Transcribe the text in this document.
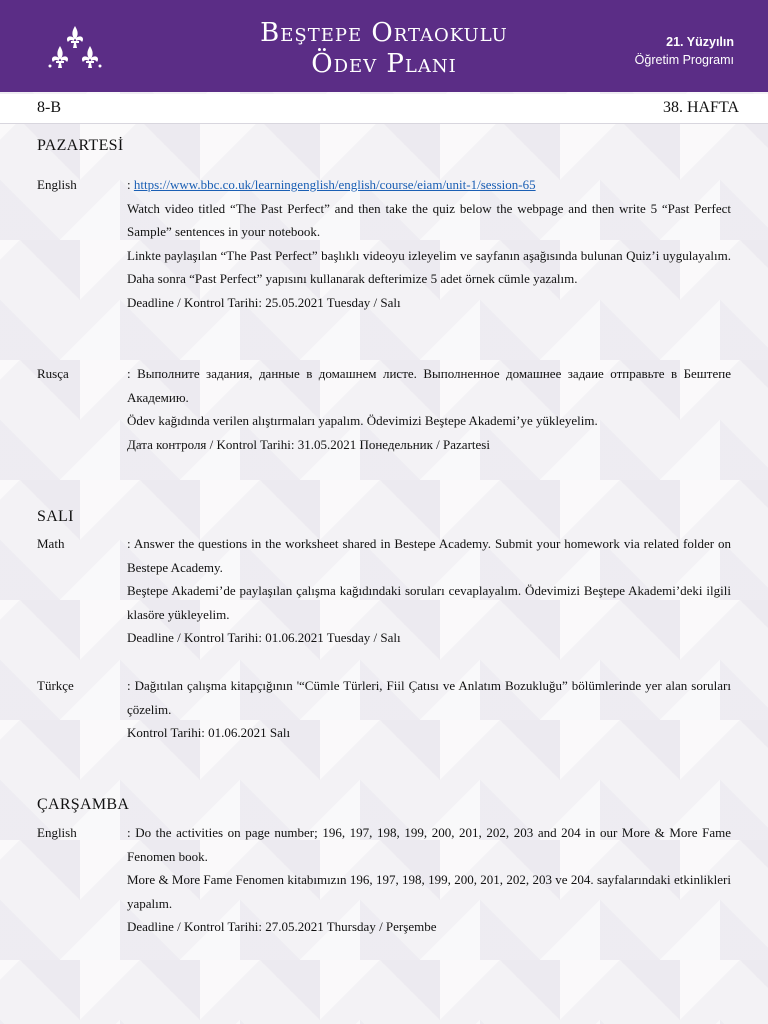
Beştepe Ortaokulu
Ödev Planı
21. Yüzyılın
Öğretim Programı
8-B	38. HAFTA
PAZARTESİ
English	: https://www.bbc.co.uk/learningenglish/english/course/eiam/unit-1/session-65

Watch video titled “The Past Perfect” and then take the quiz below the webpage and then write 5 “Past Perfect Sample” sentences in your notebook.

Linkte paylaşılan “The Past Perfect” başlıklı videoyu izleyelim ve sayfanın aşağısında bulunan Quiz’i uygulayalım. Daha sonra “Past Perfect” yapısını kullanarak defterimize 5 adet örnek cümle yazalım.

Deadline / Kontrol Tarihi: 25.05.2021 Tuesday / Salı

Rusça	: Выполните задания, данные в домашнем листе. Выполненное домашнее задаие отправьте в Бештепе Академию.

Ödev kağıdında verilen alıştırmaları yapalım. Ödevimizi Beştepe Akademi’ye yükleyelim.

Дата контроля / Kontrol Tarihi: 31.05.2021 Понедельник / Pazartesi

SALI
Math	: Answer the questions in the worksheet shared in Bestepe Academy. Submit your homework via related folder on Bestepe Academy.

Beştepe Akademi’de paylaşılan çalışma kağıdındaki soruları cevaplayalım. Ödevimizi Beştepe Akademi’deki ilgili klasöre yükleyelim.

Deadline / Kontrol Tarihi: 01.06.2021 Tuesday / Salı

Türkçe	: Dağıtılan çalışma kitapçığının '“Cümle Türleri, Fiil Çatısı ve Anlatım Bozukluğu” bölümlerinde yer alan soruları çözelim.

Kontrol Tarihi: 01.06.2021 Salı

ÇARŞAMBA
English	: Do the activities on page number; 196, 197, 198, 199, 200, 201, 202, 203 and 204 in our More & More Fame Fenomen book.

More & More Fame Fenomen kitabımızın 196, 197, 198, 199, 200, 201, 202, 203 ve 204. sayfalarındaki etkinlikleri yapalım.

Deadline / Kontrol Tarihi: 27.05.2021 Thursday / Perşembe
